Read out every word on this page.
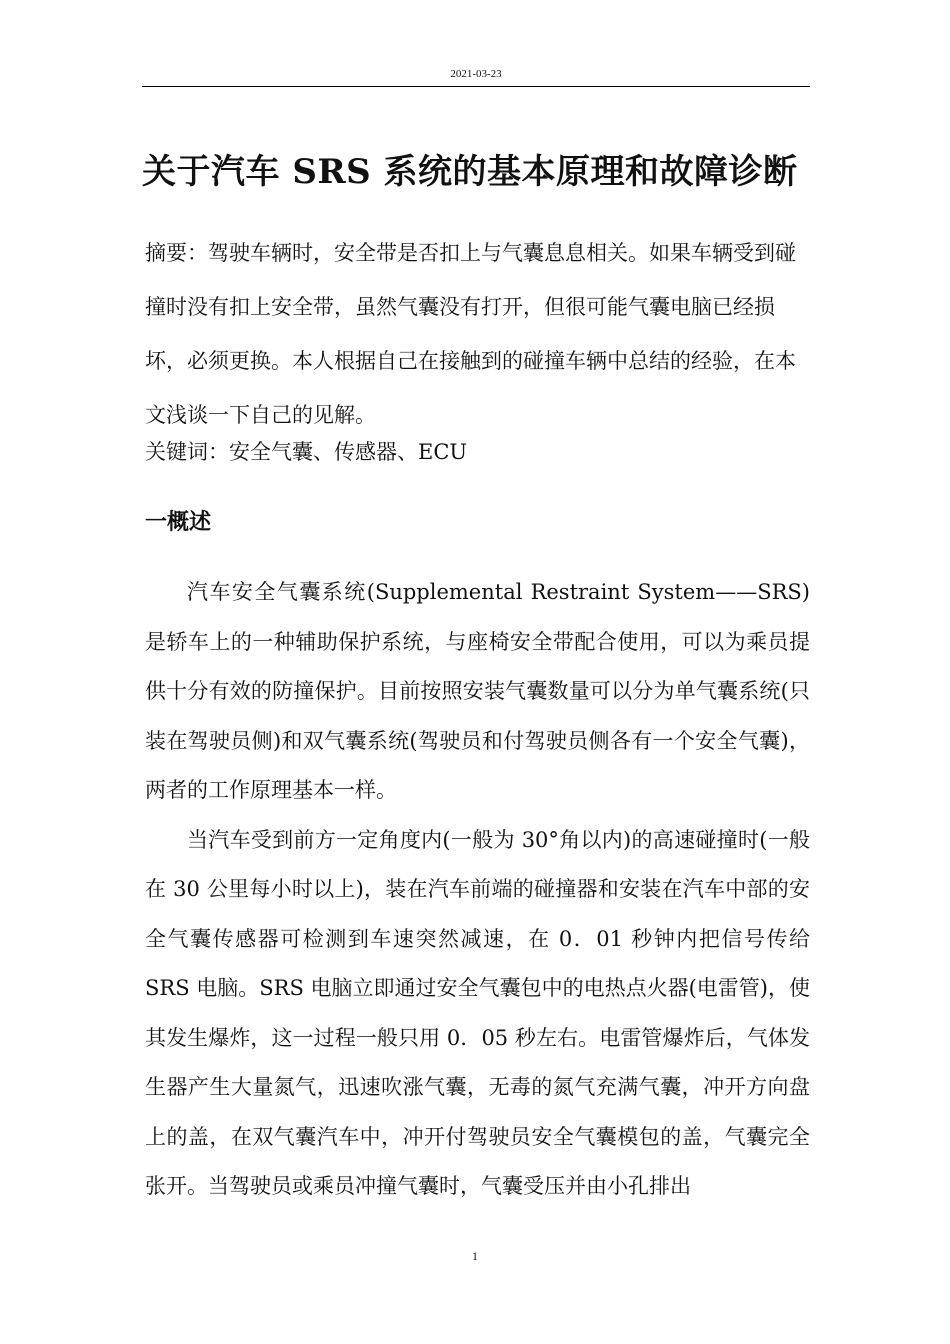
2021-03-23
关于汽车 SRS 系统的基本原理和故障诊断

摘要：驾驶车辆时，安全带是否扣上与气囊息息相关。如果车辆受到碰撞时没有扣上安全带，虽然气囊没有打开，但很可能气囊电脑已经损坏，必须更换。本人根据自己在接触到的碰撞车辆中总结的经验，在本文浅谈一下自己的见解。

关键词：安全气囊、传感器、ECU
一概述

汽车安全气囊系统(Supplemental Restraint System——SRS)是轿车上的一种辅助保护系统，与座椅安全带配合使用，可以为乘员提供十分有效的防撞保护。目前按照安装气囊数量可以分为单气囊系统(只装在驾驶员侧)和双气囊系统(驾驶员和付驾驶员侧各有一个安全气囊)，两者的工作原理基本一样。

当汽车受到前方一定角度内(一般为 30°角以内)的高速碰撞时(一般在 30 公里每小时以上)，装在汽车前端的碰撞器和安装在汽车中部的安全气囊传感器可检测到车速突然减速，在 0．01 秒钟内把信号传给 SRS 电脑。SRS 电脑立即通过安全气囊包中的电热点火器(电雷管)，使其发生爆炸，这一过程一般只用 0．05 秒左右。电雷管爆炸后，气体发生器产生大量氮气，迅速吹涨气囊，无毒的氮气充满气囊，冲开方向盘上的盖，在双气囊汽车中，冲开付驾驶员安全气囊模包的盖，气囊完全张开。当驾驶员或乘员冲撞气囊时，气囊受压并由小孔排出

1
